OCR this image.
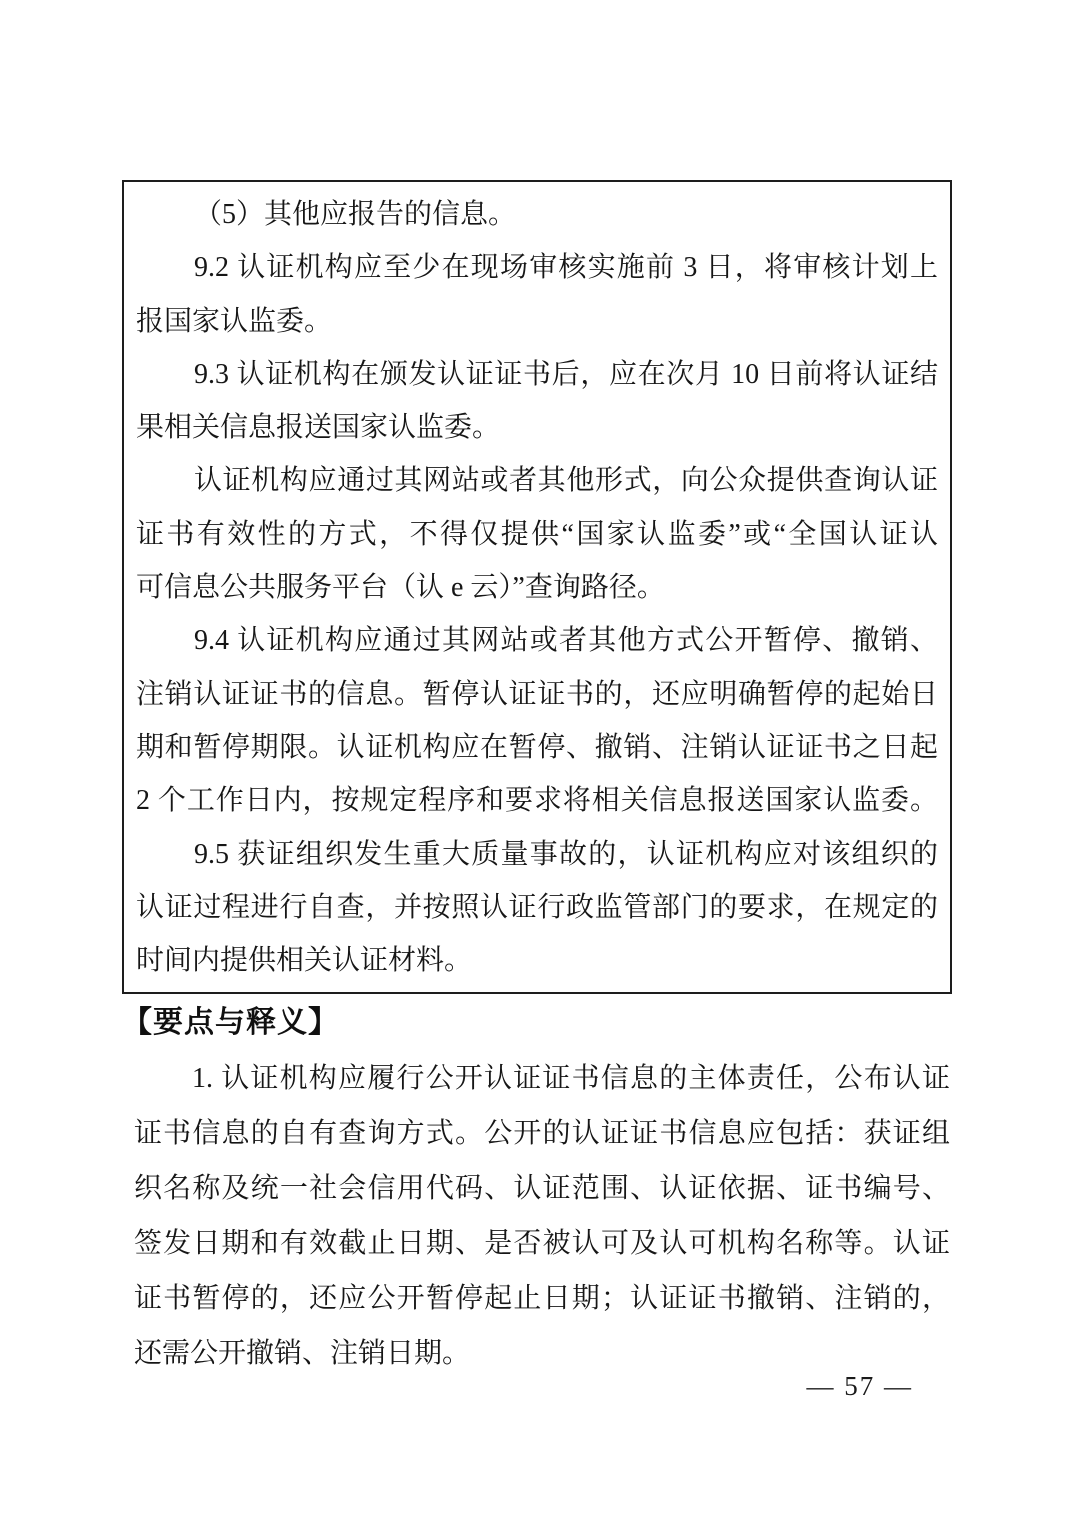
（5）其他应报告的信息。
9.2 认证机构应至少在现场审核实施前 3 日，将审核计划上
报国家认监委。
9.3 认证机构在颁发认证证书后，应在次月 10 日前将认证结
果相关信息报送国家认监委。
认证机构应通过其网站或者其他形式，向公众提供查询认证
证书有效性的方式，不得仅提供“国家认监委”或“全国认证认
可信息公共服务平台（认 e 云）”查询路径。
9.4 认证机构应通过其网站或者其他方式公开暂停、撤销、
注销认证证书的信息。暂停认证证书的，还应明确暂停的起始日
期和暂停期限。认证机构应在暂停、撤销、注销认证证书之日起
2 个工作日内，按规定程序和要求将相关信息报送国家认监委。
9.5 获证组织发生重大质量事故的，认证机构应对该组织的
认证过程进行自查，并按照认证行政监管部门的要求，在规定的
时间内提供相关认证材料。
【要点与释义】
1. 认证机构应履行公开认证证书信息的主体责任，公布认证
证书信息的自有查询方式。公开的认证证书信息应包括：获证组
织名称及统一社会信用代码、认证范围、认证依据、证书编号、
签发日期和有效截止日期、是否被认可及认可机构名称等。认证
证书暂停的，还应公开暂停起止日期；认证证书撤销、注销的，
还需公开撤销、注销日期。
— 57 —
